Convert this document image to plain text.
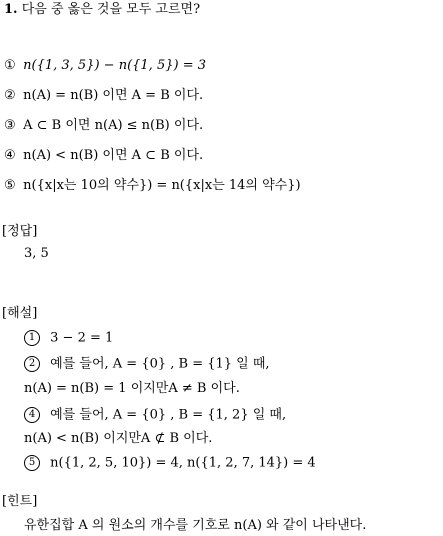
1. 다음 중 옳은 것을 모두 고르면?
① n({1, 3, 5}) − n({1, 5}) = 3
② n(A) = n(B) 이면 A = B 이다.
③ A ⊂ B 이면 n(A) ≤ n(B) 이다.
④ n(A) < n(B) 이면 A ⊂ B 이다.
⑤ n({x|x는 10의 약수}) = n({x|x는 14의 약수})
[정답]
3, 5
[해설]
1 3 − 2 = 1
2 예를 들어, A = {0} , B = {1} 일 때,
n(A) = n(B) = 1 이지만A ≠ B 이다.
4 예를 들어, A = {0} , B = {1, 2} 일 때,
n(A) < n(B) 이지만A ⊄ B 이다.
5 n({1, 2, 5, 10}) = 4, n({1, 2, 7, 14}) = 4
[힌트]
유한집합 A 의 원소의 개수를 기호로 n(A) 와 같이 나타낸다.
